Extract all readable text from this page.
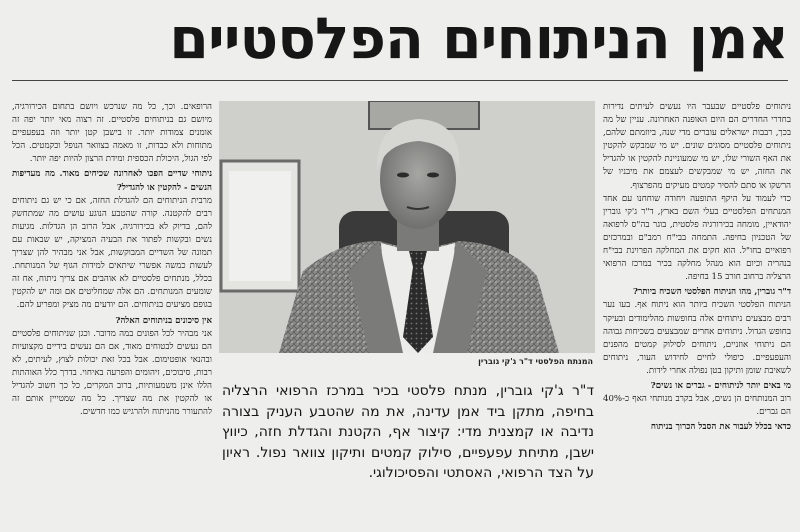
אמן הניתוחים הפלסטיים

ניתוחים פלסטיים שבעבר היו נעשים לעיתים נדירות בחדרי החדרים הם היום האופנה האחרונה. עניין של מה בכך, רבבות ישראלים עוברים מדי שנה, ביוזמתם שלהם, ניתוחים פלסטיים מסוגים שונים. יש מי שמבקש להקטין את האף השורי שלו, יש מי שמעוניינת להקטין או להגדיל את החזה, יש מי שמבקשים לעצמם את מיבניו של הרשקו או סתם להסיר קמטים מעיקים מהפרצוף.

כדי לעמוד על היקף התופעה ויחודה שוחחנו עם אחד המנתחים הפלסטיים בעלי השם בארץ, ד"ר ג'קי גוברין יהודאיין, מומחה בכירורגיה פלסטית, בוגר בה"ס לרפואה של הטכניון בחיפה. התמחה בבי"ח רמב"ם ובמרכזים רפואיים בחו"ל. הוא חקים את המחלקה הפרוינת בבי"ח בנהריה וכיום הוא מנהל מחלקה בכיר במרכז הרפואי הרצליה ברחוב חורב 15 בחיפה.

ד"ר גוברין, מהו הניתוח הפלסטי השכיח ביותר?

הניתוח הפלסטי השכיח ביותר הוא ניתוח אף. בעו נער רבים מבצעים ניתוחים אלה בחופשות מהלימודים ובעיקר בחופש הגדול. ניתוחים אחרים שמבצעים בשכיחות גבוהה הם ניתוחי אוזניים, ניתוחים לסילוק קמטים מהפנים והעפעפיים. כיפולי לחיים לחידוש העור, ניתוחים לשאיבת שומן ותיקון בטן נפולה אחרי לידות.

מי באים יותר לניתוחים - גברים או נשים?

רוב המנותחים הן נשים, אבל בקרב מנותחי האף כ-40% הם גברים.

כדאי בכלל לעבור את הסבל הכרוך בניתוח

המנתח הפלסטי ד"ר ג'קי גוברין
ד"ר ג'קי גוברין, מנתח פלסטי בכיר במרכז הרפואי הרצליה בחיפה, מתקן ביד אמן עדינה, את מה שהטבע העניק בצורה נדיבה או קמצנית מדי: קיצור אף, הקטנת והגדלת חזה, כיווץ ישבן, מתיחת עפעפיים, סילוק קמטים ותיקון צוואר נפול. ראיון על הצד הרפואי, האסתטי והפסיכולוגי.

הרופאים. וכך, כל מה שנרכש ויושם בתחום הכירורגיה, מיושם גם בניתוחים פלסטיים. זה רצוה מאי יותר יפה זה אומנים צמודות יותר. זו בישבן קטן יותר וזה בעפעפיים מתוחות ולא כבדות, זו מאמה בצוואר הנופל וכקמטים. הכל לפי הגול, היכולת הכספית ומידת הרצון להיות יפה יותר.

ניתוחי שדיים הפכו לאחרונה שכיחים מאוד. מה מעדיפות הנשים - להקטין או להגדיל?

מרבית הניתוחים הם להגדלת החזה, אם כי יש גם ניתוחים רבים להקטנה. קורה שהטבע הנוגע עושים מה שמתחשק להם, בדיוק לא בכירורגיה, אבל הרוב הן הגדלות. מגיעות נשים ובקשות לפתור את הבעיה המציקה, יש שבאות עם תמונה של השדיים המבוקשות, אבל אני מבהיר להן שצריך לעשות כמשה אפשרי שיתאים למידות הגוף של המנותחת. בכלל, מנתחים פלסטיים לא אוהבים אם צריך ניתוח, אח זה שומעים המנותחים. הם אלה שמחליטים אם ומה יש להקטין בגופם מציעים בניתוחים. הם יודעים מה מציק ומפריע להם.

אין סיכונים בניתוחים האלה?

אני מבהיר לכל הפונים במה מדובר. וכגן שניתוחים פלסטיים הם נעשים לבטוחים מאוד, אם הם נעשים בידיים מקצועיות ובהנאי אופטימום. אבל בכל זאת יכולות לצוץ, לעיתים, לא רבות, סיבוכים, זיהומים והפרעה באיחוי. בדרך כלל האוהתות הללו אינן משמעותיות, ברוב המקרים, כל כך חשוב להגדיל או להקטין את מה שצריך. כל מה שמטייין אותם זה להתעורר מהניתוח ולהרגיש כמו חדשים.
